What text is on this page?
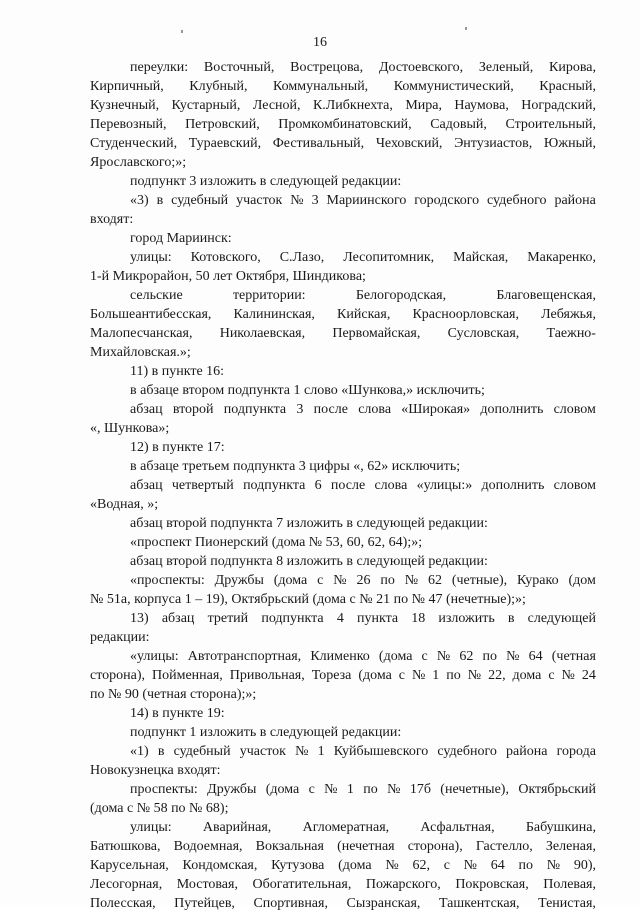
16
переулки: Восточный, Вострецова, Достоевского, Зеленый, Кирова,
Кирпичный, Клубный, Коммунальный, Коммунистический, Красный,
Кузнечный, Кустарный, Лесной, К.Либкнехта, Мира, Наумова, Ноградский,
Перевозный, Петровский, Промкомбинатовский, Садовый, Строительный,
Студенческий, Тураевский, Фестивальный, Чеховский, Энтузиастов, Южный,
Ярославского;»;
подпункт 3 изложить в следующей редакции:
«3) в судебный участок № 3 Мариинского городского судебного района
входят:
город Мариинск:
улицы: Котовского, С.Лазо, Лесопитомник, Майская, Макаренко,
1-й Микрорайон, 50 лет Октября, Шиндикова;
сельские	территории:	Белогородская,	Благовещенская,
Большеантибесская, Калининская, Кийская, Красноорловская, Лебяжья,
Малопесчанская, Николаевская, Первомайская, Сусловская, Таежно-
Михайловская.»;
11) в пункте 16:
в абзаце втором подпункта 1 слово «Шункова,» исключить;
абзац второй подпункта 3 после слова «Широкая» дополнить словом
«, Шункова»;
12) в пункте 17:
в абзаце третьем подпункта 3 цифры «, 62» исключить;
абзац четвертый подпункта 6 после слова «улицы:» дополнить словом
«Водная, »;
абзац второй подпункта 7 изложить в следующей редакции:
«проспект Пионерский (дома № 53, 60, 62, 64);»;
абзац второй подпункта 8 изложить в следующей редакции:
«проспекты: Дружбы (дома с № 26 по № 62 (четные), Курако (дом
№ 51а, корпуса 1 – 19), Октябрьский (дома с № 21 по № 47 (нечетные);»;
13) абзац третий подпункта 4 пункта 18 изложить в следующей
редакции:
«улицы: Автотранспортная, Клименко (дома с № 62 по № 64 (четная
сторона), Пойменная, Привольная, Тореза (дома с № 1 по № 22, дома с № 24
по № 90 (четная сторона);»;
14) в пункте 19:
подпункт 1 изложить в следующей редакции:
«1) в судебный участок № 1 Куйбышевского судебного района города
Новокузнецка входят:
проспекты: Дружбы (дома с № 1 по № 17б (нечетные), Октябрьский
(дома с № 58 по № 68);
улицы: Аварийная, Агломератная, Асфальтная, Бабушкина,
Батюшкова, Водоемная, Вокзальная (нечетная сторона), Гастелло, Зеленая,
Карусельная, Кондомская, Кутузова (дома № 62, с № 64 по № 90),
Лесогорная, Мостовая, Обогатительная, Пожарского, Покровская, Полевая,
Полесская, Путейцев, Спортивная, Сызранская, Ташкентская, Тенистая,
